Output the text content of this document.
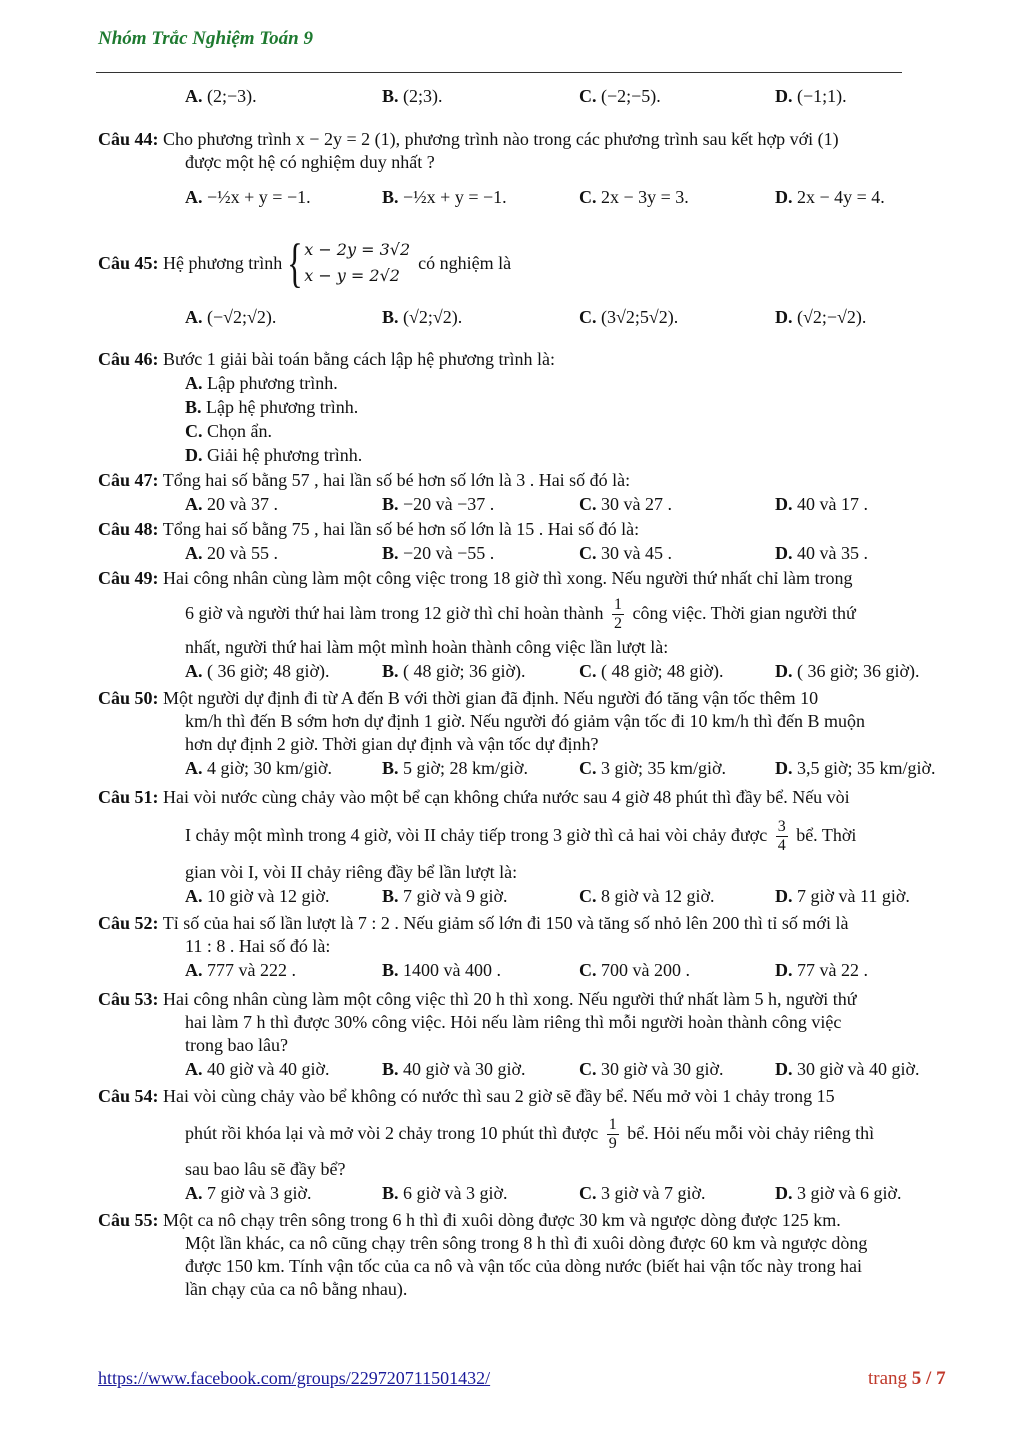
Nhóm Trắc Nghiệm Toán 9
A. (2;−3).	B. (2;3).	C. (−2;−5).	D. (−1;1).
Câu 44: Cho phương trình x − 2y = 2 (1), phương trình nào trong các phương trình sau kết hợp với (1)
được một hệ có nghiệm duy nhất ?
A. −½x + y = −1.	B. −½x + y = −1.	C. 2x − 3y = 3.	D. 2x − 4y = 4.
Câu 45:
Hệ phương trình { x − 2y = 3√2
x − y = 2√2
có nghiệm là
A. (−√2;√2).	B. (√2;√2).	C. (3√2;5√2).	D. (√2;−√2).
Câu 46: Bước 1 giải bài toán bằng cách lập hệ phương trình là:
A. Lập phương trình.
B. Lập hệ phương trình.
C. Chọn ẩn.
D. Giải hệ phương trình.
Câu 47: Tổng hai số bằng 57 , hai lần số bé hơn số lớn là 3 . Hai số đó là:
A. 20 và 37 .	B. −20 và −37 .	C. 30 và 27 .	D. 40 và 17 .
Câu 48: Tổng hai số bằng 75 , hai lần số bé hơn số lớn là 15 . Hai số đó là:
A. 20 và 55 .	B. −20 và −55 .	C. 30 và 45 .	D. 40 và 35 .
Câu 49: Hai công nhân cùng làm một công việc trong 18 giờ thì xong. Nếu người thứ nhất chỉ làm trong
6 giờ và người thứ hai làm trong 12 giờ thì chỉ hoàn thành $\frac{1}{2}$ công việc. Thời gian người thứ
nhất, người thứ hai làm một mình hoàn thành công việc lần lượt là:
A. ( 36 giờ; 48 giờ).	B. ( 48 giờ; 36 giờ).	C. ( 48 giờ; 48 giờ).	D. ( 36 giờ; 36 giờ).
Câu 50: Một người dự định đi từ A đến B với thời gian đã định. Nếu người đó tăng vận tốc thêm 10
km/h thì đến B sớm hơn dự định 1 giờ. Nếu người đó giảm vận tốc đi 10 km/h thì đến B muộn
hơn dự định 2 giờ. Thời gian dự định và vận tốc dự định?
A. 4 giờ; 30 km/giờ.	B. 5 giờ; 28 km/giờ.	C. 3 giờ; 35 km/giờ.	D. 3,5 giờ; 35 km/giờ.
Câu 51: Hai vòi nước cùng chảy vào một bể cạn không chứa nước sau 4 giờ 48 phút thì đầy bể. Nếu vòi
I chảy một mình trong 4 giờ, vòi II chảy tiếp trong 3 giờ thì cả hai vòi chảy được $\frac{3}{4}$ bể. Thời
gian vòi I, vòi II chảy riêng đầy bể lần lượt là:
A. 10 giờ và 12 giờ.	B. 7 giờ và 9 giờ.	C. 8 giờ và 12 giờ.	D. 7 giờ và 11 giờ.
Câu 52: Tỉ số của hai số lần lượt là 7 : 2 . Nếu giảm số lớn đi 150 và tăng số nhỏ lên 200 thì tỉ số mới là
11 : 8 . Hai số đó là:
A. 777 và 222 .	B. 1400 và 400 .	C. 700 và 200 .	D. 77 và 22 .
Câu 53: Hai công nhân cùng làm một công việc thì 20 h thì xong. Nếu người thứ nhất làm 5 h, người thứ
hai làm 7 h thì được 30% công việc. Hỏi nếu làm riêng thì mỗi người hoàn thành công việc
trong bao lâu?
A. 40 giờ và 40 giờ.	B. 40 giờ và 30 giờ.	C. 30 giờ và 30 giờ.	D. 30 giờ và 40 giờ.
Câu 54: Hai vòi cùng chảy vào bể không có nước thì sau 2 giờ sẽ đầy bể. Nếu mở vòi 1 chảy trong 15
phút rồi khóa lại và mở vòi 2 chảy trong 10 phút thì được $\frac{1}{9}$ bể. Hỏi nếu mỗi vòi chảy riêng thì
sau bao lâu sẽ đầy bể?
A. 7 giờ và 3 giờ.	B. 6 giờ và 3 giờ.	C. 3 giờ và 7 giờ.	D. 3 giờ và 6 giờ.
Câu 55: Một ca nô chạy trên sông trong 6 h thì đi xuôi dòng được 30 km và ngược dòng được 125 km.
Một lần khác, ca nô cũng chạy trên sông trong 8 h thì đi xuôi dòng được 60 km và ngược dòng
được 150 km. Tính vận tốc của ca nô và vận tốc của dòng nước (biết hai vận tốc này trong hai
lần chạy của ca nô bằng nhau).
https://www.facebook.com/groups/229720711501432/	trang 5 / 7
